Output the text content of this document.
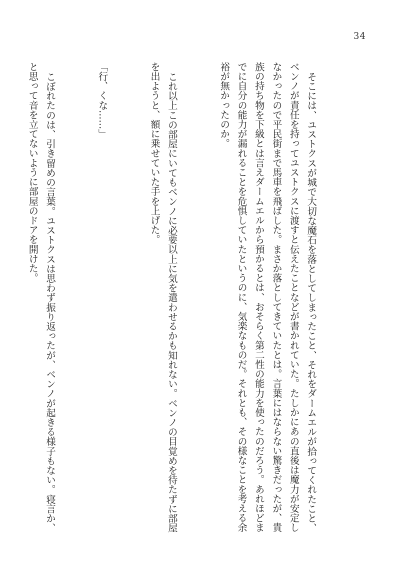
34

そこには、ユストクスが城で大切な魔石を落としてしまったこと、それをダームエルが拾ってくれたこと、ベンノが責任を持ってユストクスに渡すと伝えたことなどが書かれていた。たしかにあの直後は魔力が安定しなかったので平民街まで馬車を飛ばした。まさか落としてきていたとは。言葉にはならない驚きだったが、貴族の持ち物を下級とは言えダームエルから預かるとは、おそらく第二性の能力を使ったのだろう。あれほどまでに自分の能力が漏れることを危惧していたというのに、気楽なものだ。それとも、その様なことを考える余裕が無かったのか。

これ以上この部屋にいてもベンノに必要以上に気を遣わせるかも知れない。ベンノの目覚めを待たずに部屋を出ようと、額に乗せていた手を上げた。

「行、くな……」

こぼれたのは、引き留めの言葉。ユストクスは思わず振り返ったが、ベンノが起きる様子もない。寝言か、と思って音を立てないように部屋のドアを開けた。
